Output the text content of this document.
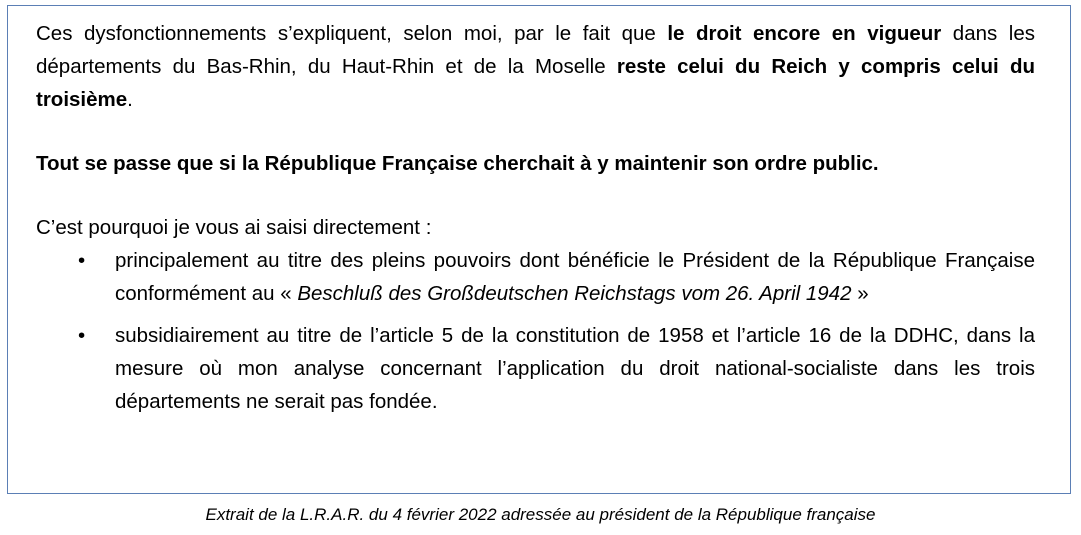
Ces dysfonctionnements s’expliquent, selon moi, par le fait que le droit encore en vigueur dans les départements du Bas-Rhin, du Haut-Rhin et de la Moselle reste celui du Reich y compris celui du troisième.

Tout se passe que si la République Française cherchait à y maintenir son ordre public.

C’est pourquoi je vous ai saisi directement :

• principalement au titre des pleins pouvoirs dont bénéficie le Président de la République Française conformément au « Beschluß des Großdeutschen Reichstags vom 26. April 1942 »
• subsidiairement au titre de l’article 5 de la constitution de 1958 et l’article 16 de la DDHC, dans la mesure où mon analyse concernant l’application du droit national-socialiste dans les trois départements ne serait pas fondée.
Extrait de la L.R.A.R. du 4 février 2022 adressée au président de la République française
